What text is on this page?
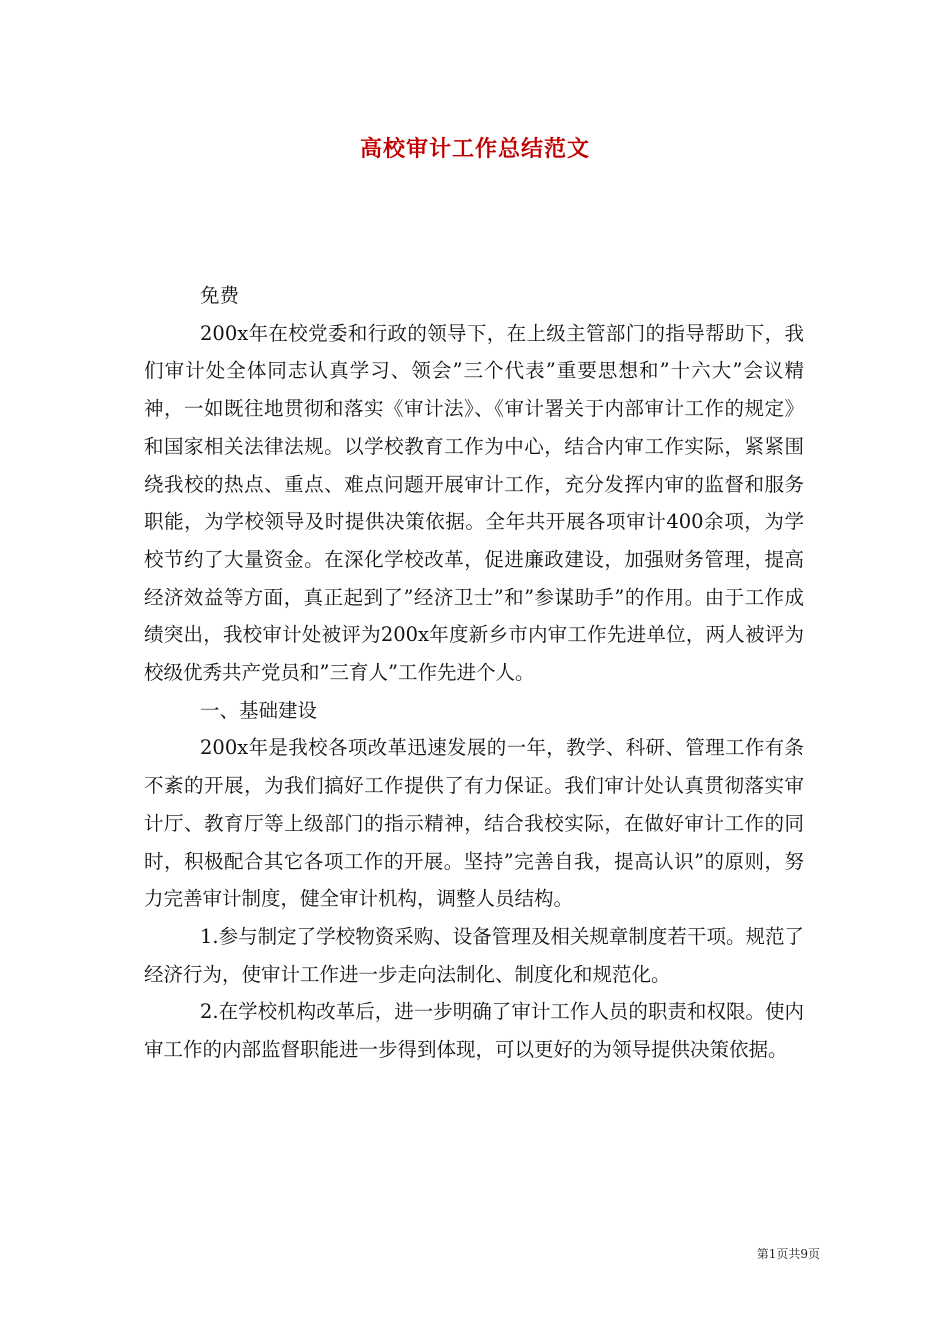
高校审计工作总结范文

免费

200x年在校党委和行政的领导下，在上级主管部门的指导帮助下，我们审计处全体同志认真学习、领会”三个代表”重要思想和”十六大”会议精神，一如既往地贯彻和落实《审计法》、《审计署关于内部审计工作的规定》和国家相关法律法规。以学校教育工作为中心，结合内审工作实际，紧紧围绕我校的热点、重点、难点问题开展审计工作，充分发挥内审的监督和服务职能，为学校领导及时提供决策依据。全年共开展各项审计400余项，为学校节约了大量资金。在深化学校改革，促进廉政建设，加强财务管理，提高经济效益等方面，真正起到了”经济卫士”和”参谋助手”的作用。由于工作成绩突出，我校审计处被评为200x年度新乡市内审工作先进单位，两人被评为校级优秀共产党员和”三育人”工作先进个人。

一、基础建设

200x年是我校各项改革迅速发展的一年，教学、科研、管理工作有条不紊的开展，为我们搞好工作提供了有力保证。我们审计处认真贯彻落实审计厅、教育厅等上级部门的指示精神，结合我校实际，在做好审计工作的同时，积极配合其它各项工作的开展。坚持”完善自我，提高认识”的原则，努力完善审计制度，健全审计机构，调整人员结构。

1.参与制定了学校物资采购、设备管理及相关规章制度若干项。规范了经济行为，使审计工作进一步走向法制化、制度化和规范化。

2.在学校机构改革后，进一步明确了审计工作人员的职责和权限。使内审工作的内部监督职能进一步得到体现，可以更好的为领导提供决策依据。

第1页共9页
